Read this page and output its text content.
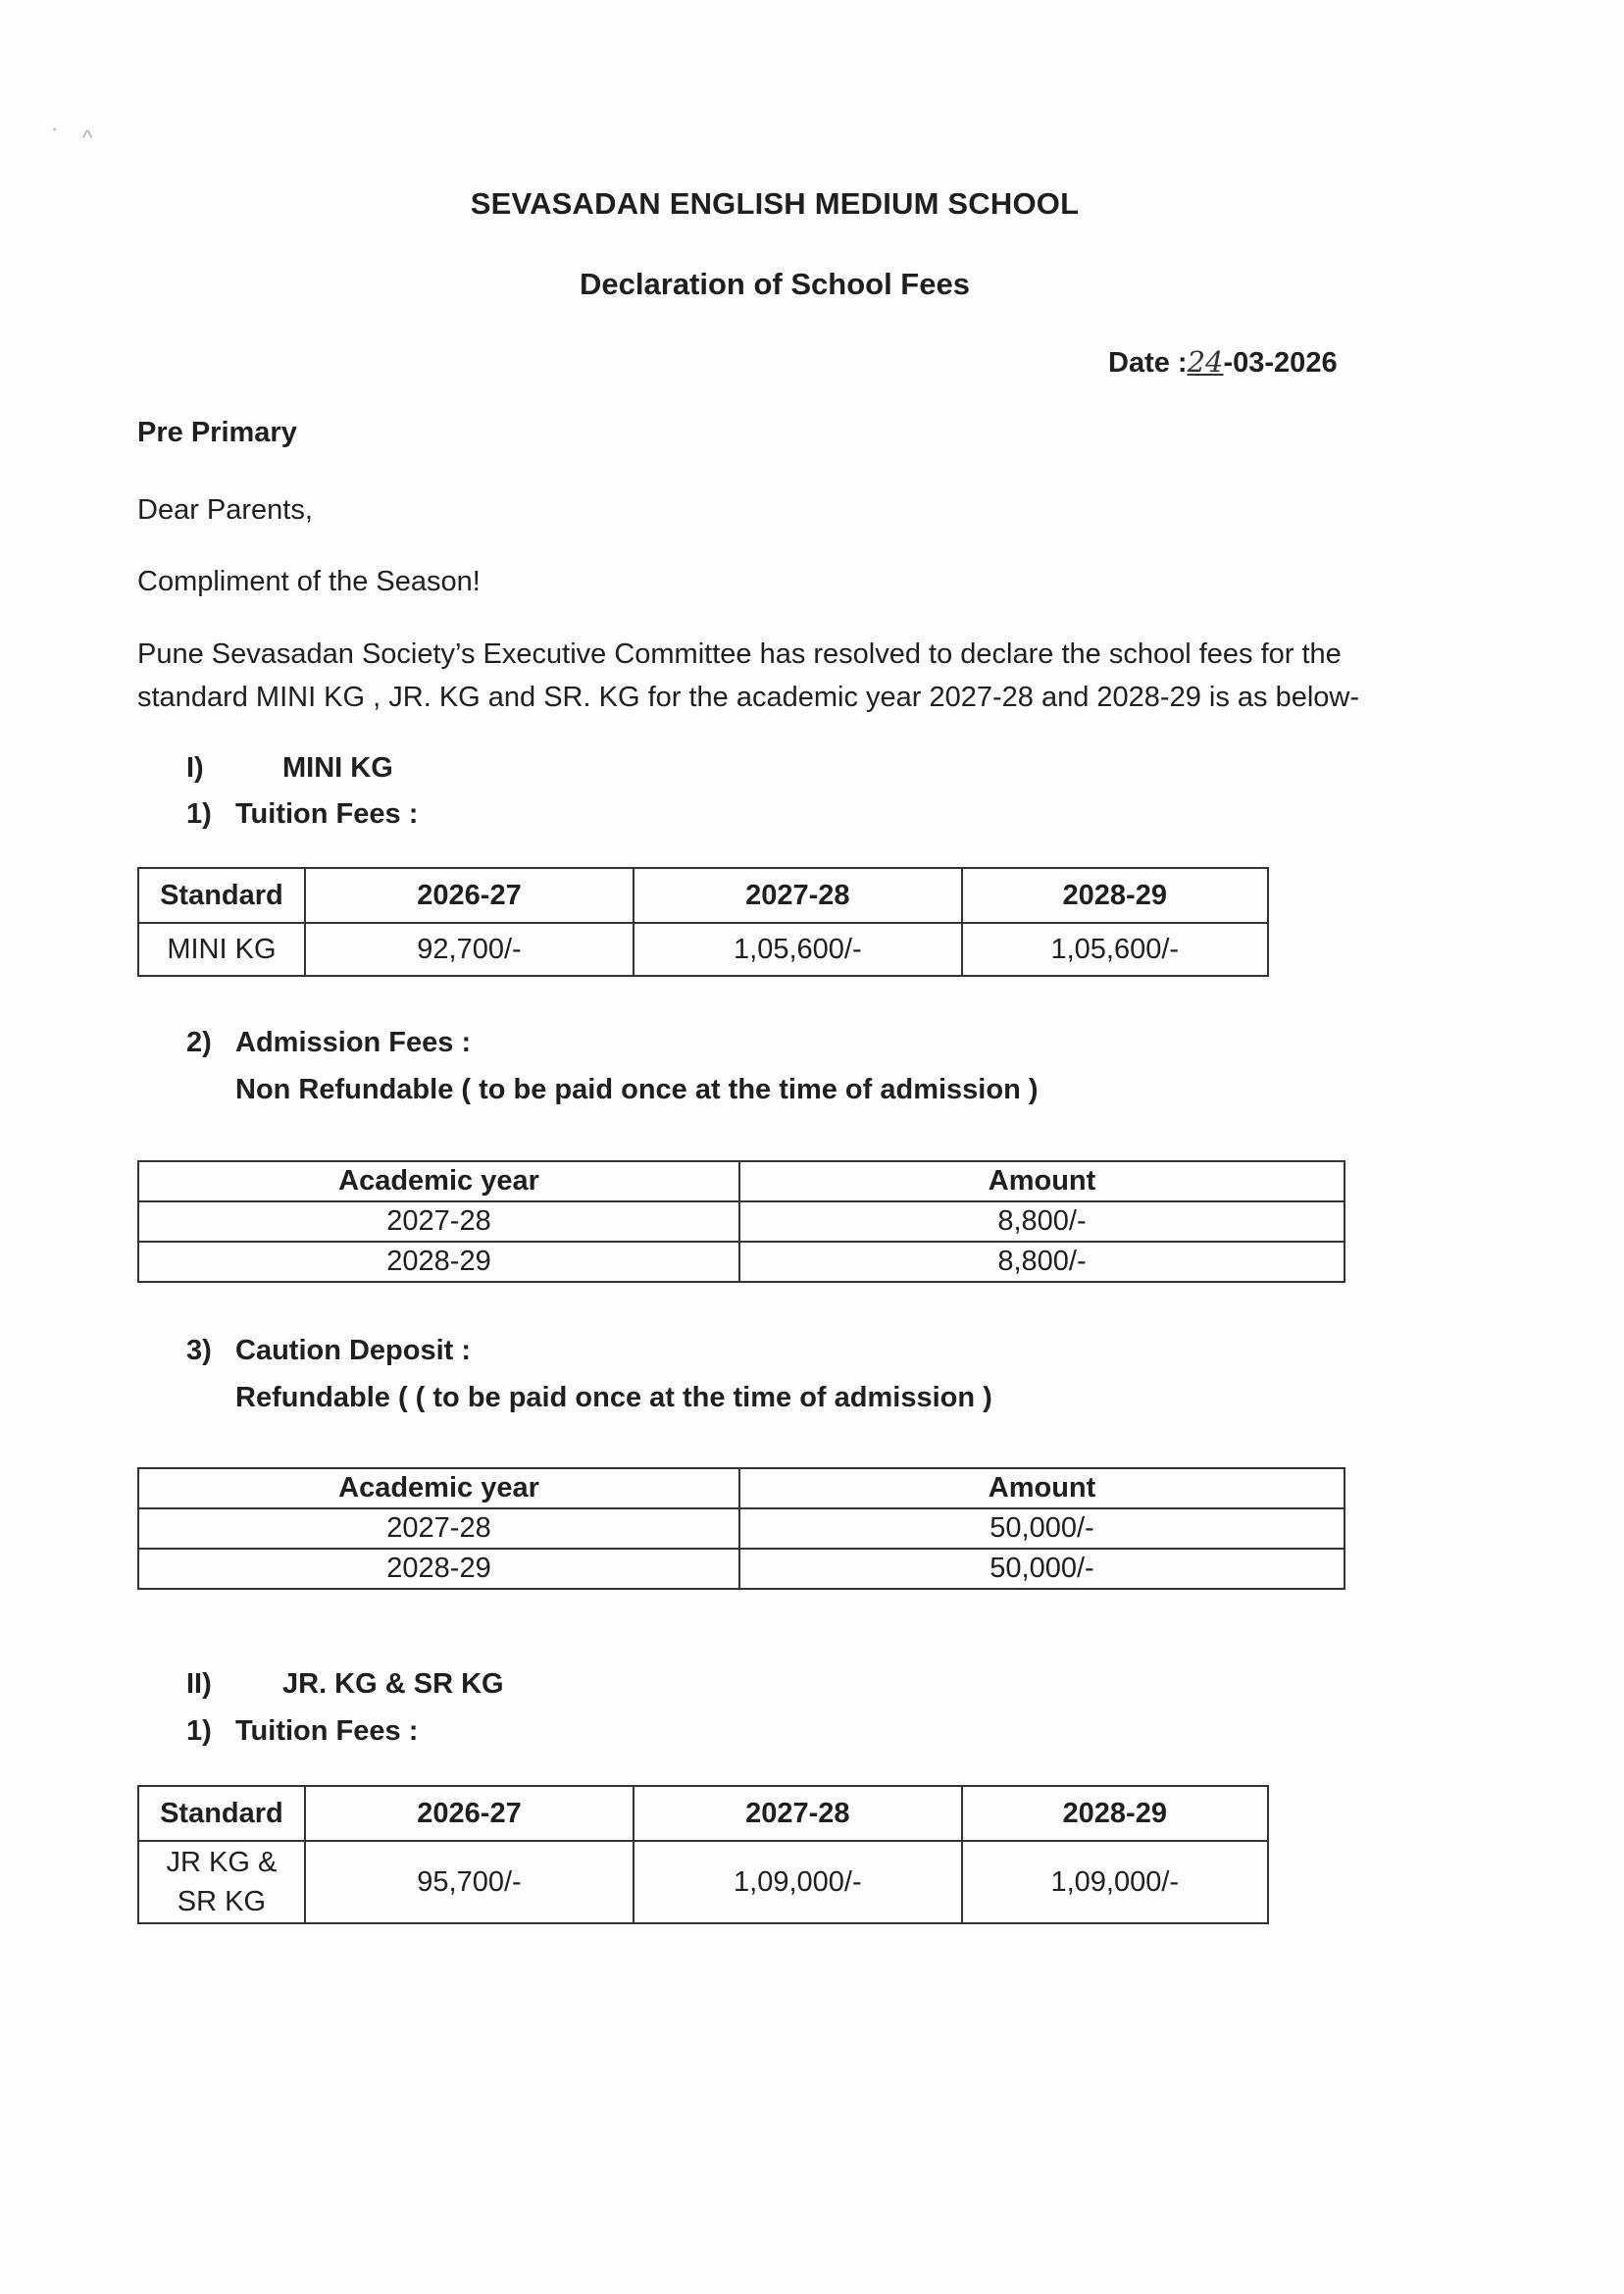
· ^
SEVASADAN ENGLISH MEDIUM SCHOOL
Declaration of School Fees
Date :24-03-2026
Pre Primary
Dear Parents,
Compliment of the Season!
Pune Sevasadan Society’s Executive Committee has resolved to declare the school fees for the
standard MINI KG , JR. KG and SR. KG for the academic year 2027-28 and 2028-29 is as below-
I)	MINI KG
1) Tuition Fees :
Standard	2026-27	2027-28	2028-29
MINI KG	92,700/-	1,05,600/-	1,05,600/-
2) Admission Fees :
Non Refundable ( to be paid once at the time of admission )
Academic year	Amount
2027-28	8,800/-
2028-29	8,800/-
3) Caution Deposit :
Refundable ( ( to be paid once at the time of admission )
Academic year	Amount
2027-28	50,000/-
2028-29	50,000/-
II) JR. KG & SR KG
1) Tuition Fees :
Standard	2026-27	2027-28	2028-29

JR KG &
SR KG	95,700/-	1,09,000/-	1,09,000/-
